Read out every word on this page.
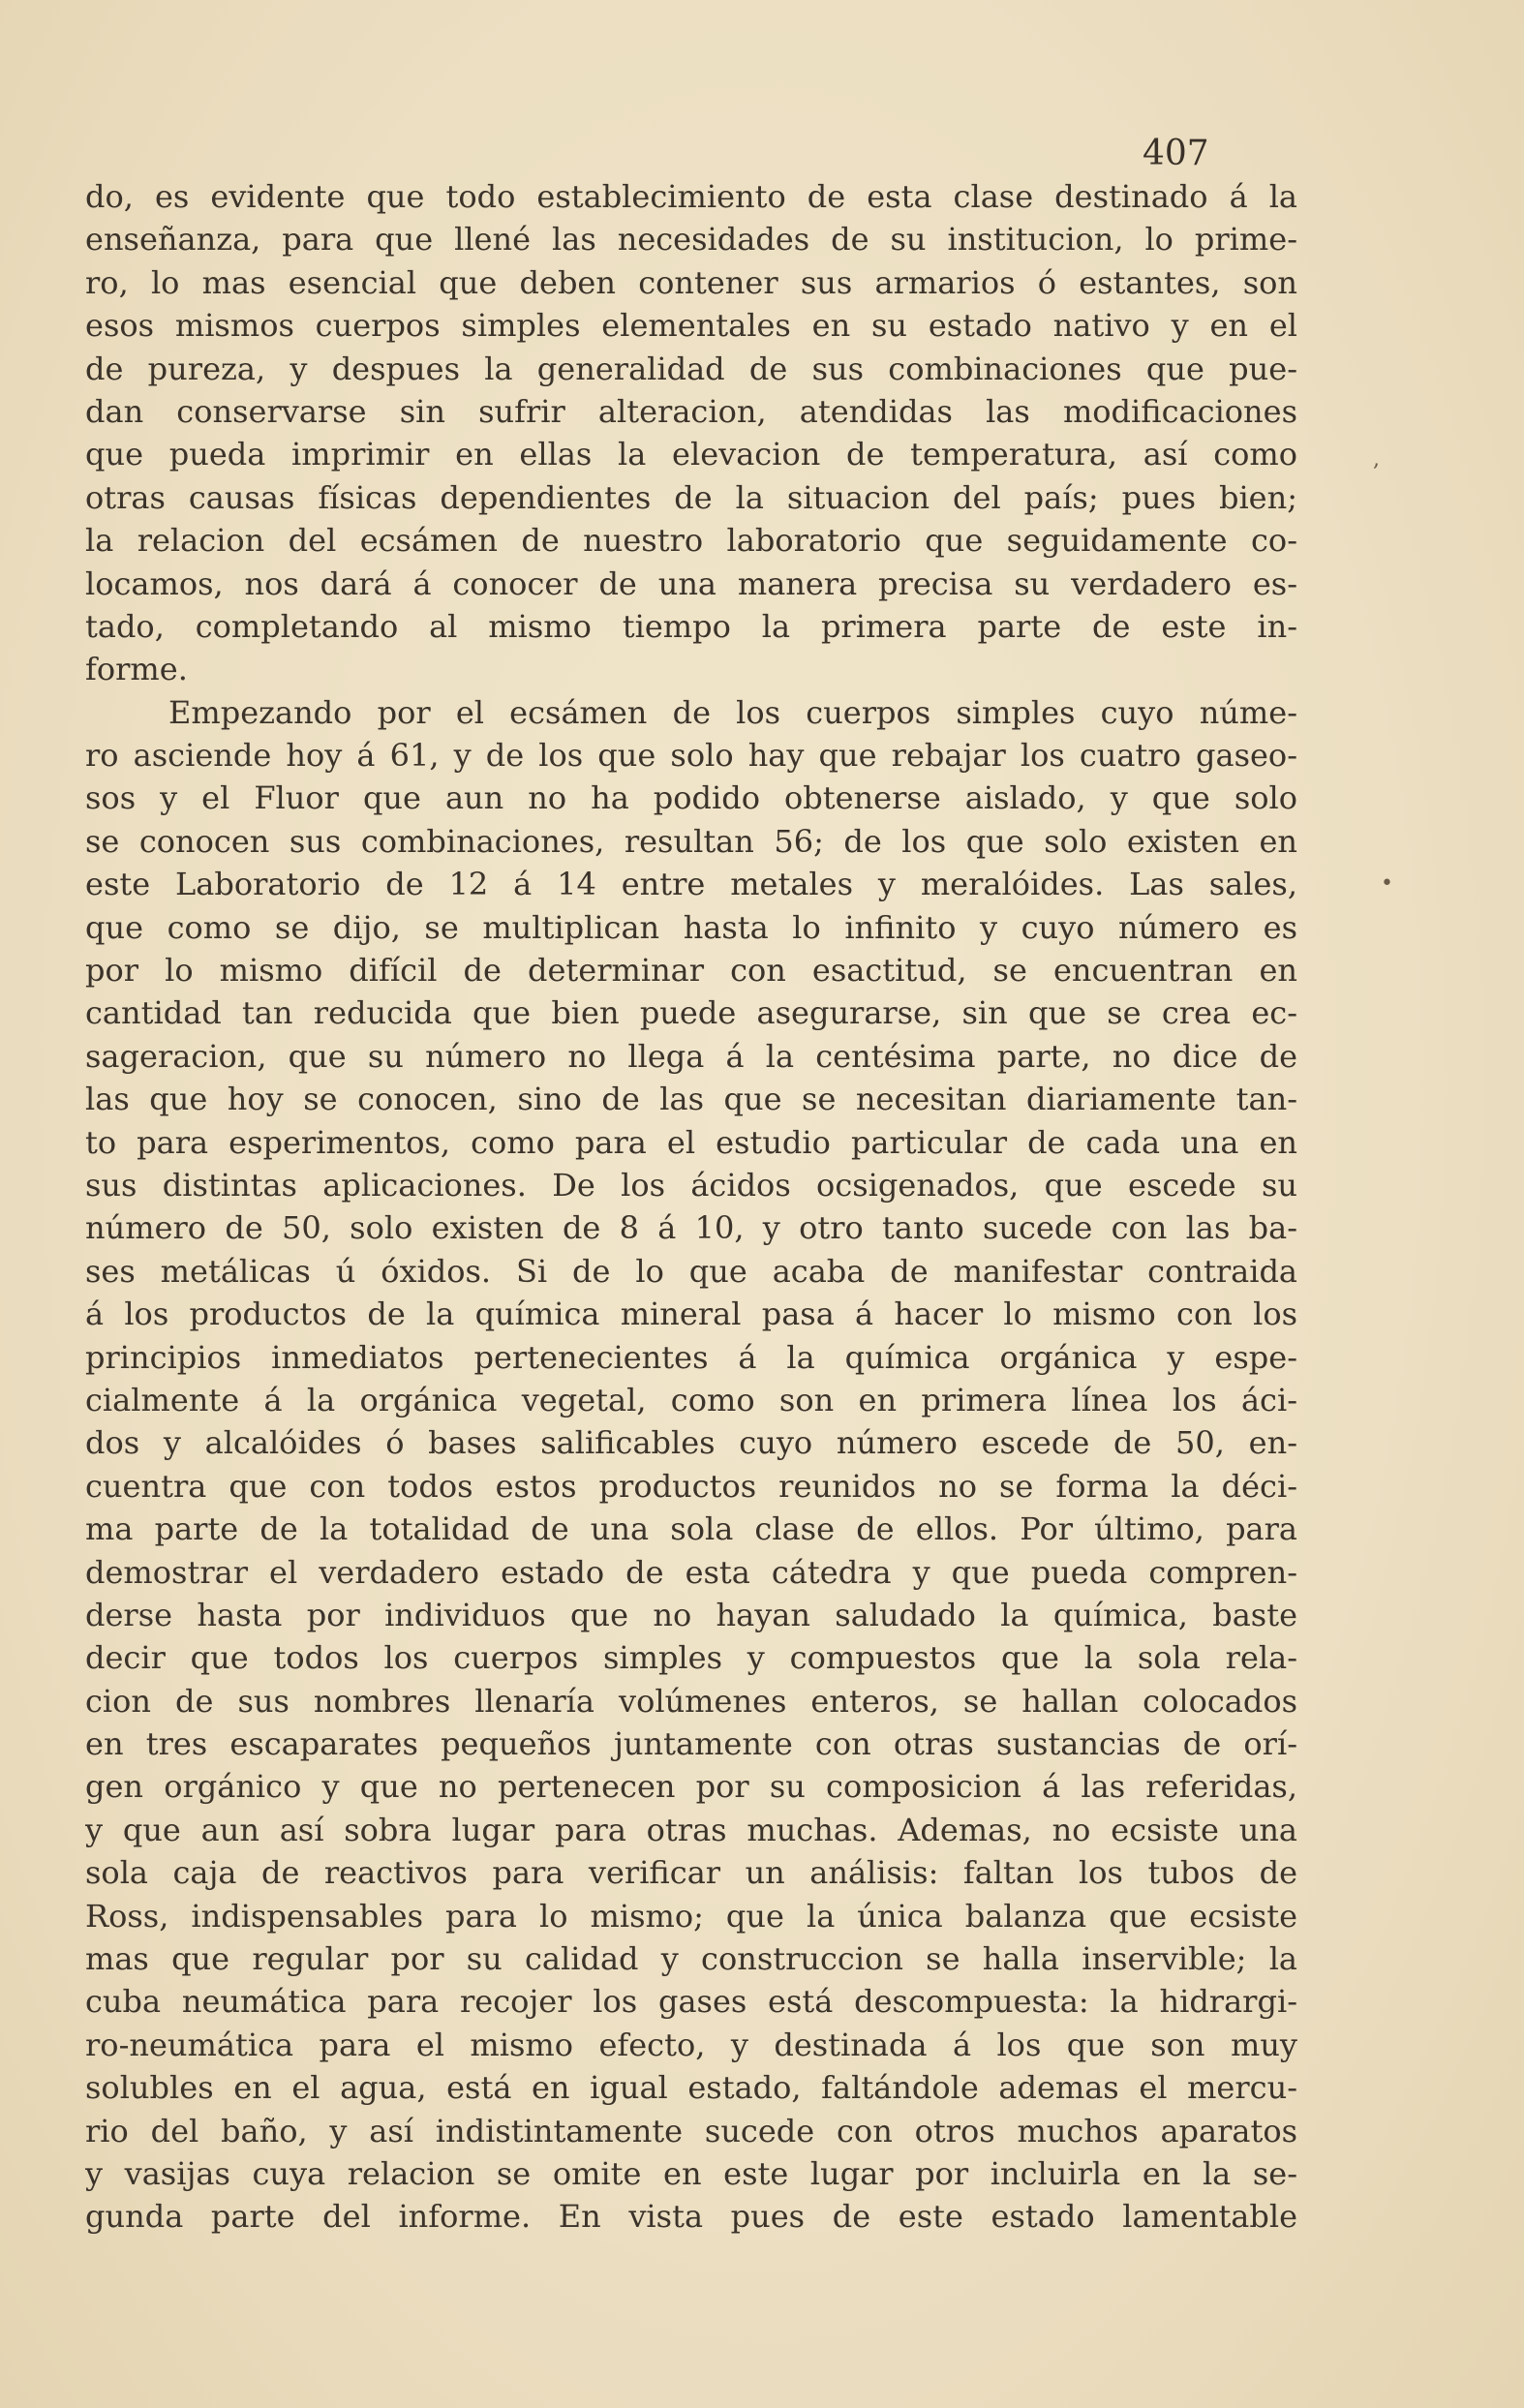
407
,
•
do, es evidente que todo establecimiento de esta clase destinado á la
enseñanza, para que llené las necesidades de su institucion, lo prime-
ro, lo mas esencial que deben contener sus armarios ó estantes, son
esos mismos cuerpos simples elementales en su estado nativo y en el
de pureza, y despues la generalidad de sus combinaciones que pue-
dan conservarse sin sufrir alteracion, atendidas las modificaciones
que pueda imprimir en ellas la elevacion de temperatura, así como
otras causas físicas dependientes de la situacion del país; pues bien;
la relacion del ecsámen de nuestro laboratorio que seguidamente co-
locamos, nos dará á conocer de una manera precisa su verdadero es-
tado, completando al mismo tiempo la primera parte de este in-
forme.
Empezando por el ecsámen de los cuerpos simples cuyo núme-
ro asciende hoy á 61, y de los que solo hay que rebajar los cuatro gaseo-
sos y el Fluor que aun no ha podido obtenerse aislado, y que solo
se conocen sus combinaciones, resultan 56; de los que solo existen en
este Laboratorio de 12 á 14 entre metales y meralóides. Las sales,
que como se dijo, se multiplican hasta lo infinito y cuyo número es
por lo mismo difícil de determinar con esactitud, se encuentran en
cantidad tan reducida que bien puede asegurarse, sin que se crea ec-
sageracion, que su número no llega á la centésima parte, no dice de
las que hoy se conocen, sino de las que se necesitan diariamente tan-
to para esperimentos, como para el estudio particular de cada una en
sus distintas aplicaciones. De los ácidos ocsigenados, que escede su
número de 50, solo existen de 8 á 10, y otro tanto sucede con las ba-
ses metálicas ú óxidos. Si de lo que acaba de manifestar contraida
á los productos de la química mineral pasa á hacer lo mismo con los
principios inmediatos pertenecientes á la química orgánica y espe-
cialmente á la orgánica vegetal, como son en primera línea los áci-
dos y alcalóides ó bases salificables cuyo número escede de 50, en-
cuentra que con todos estos productos reunidos no se forma la déci-
ma parte de la totalidad de una sola clase de ellos. Por último, para
demostrar el verdadero estado de esta cátedra y que pueda compren-
derse hasta por individuos que no hayan saludado la química, baste
decir que todos los cuerpos simples y compuestos que la sola rela-
cion de sus nombres llenaría volúmenes enteros, se hallan colocados
en tres escaparates pequeños juntamente con otras sustancias de orí-
gen orgánico y que no pertenecen por su composicion á las referidas,
y que aun así sobra lugar para otras muchas. Ademas, no ecsiste una
sola caja de reactivos para verificar un análisis: faltan los tubos de
Ross, indispensables para lo mismo; que la única balanza que ecsiste
mas que regular por su calidad y construccion se halla inservible; la
cuba neumática para recojer los gases está descompuesta: la hidrargi-
ro-neumática para el mismo efecto, y destinada á los que son muy
solubles en el agua, está en igual estado, faltándole ademas el mercu-
rio del baño, y así indistintamente sucede con otros muchos aparatos
y vasijas cuya relacion se omite en este lugar por incluirla en la se-
gunda parte del informe. En vista pues de este estado lamentable
